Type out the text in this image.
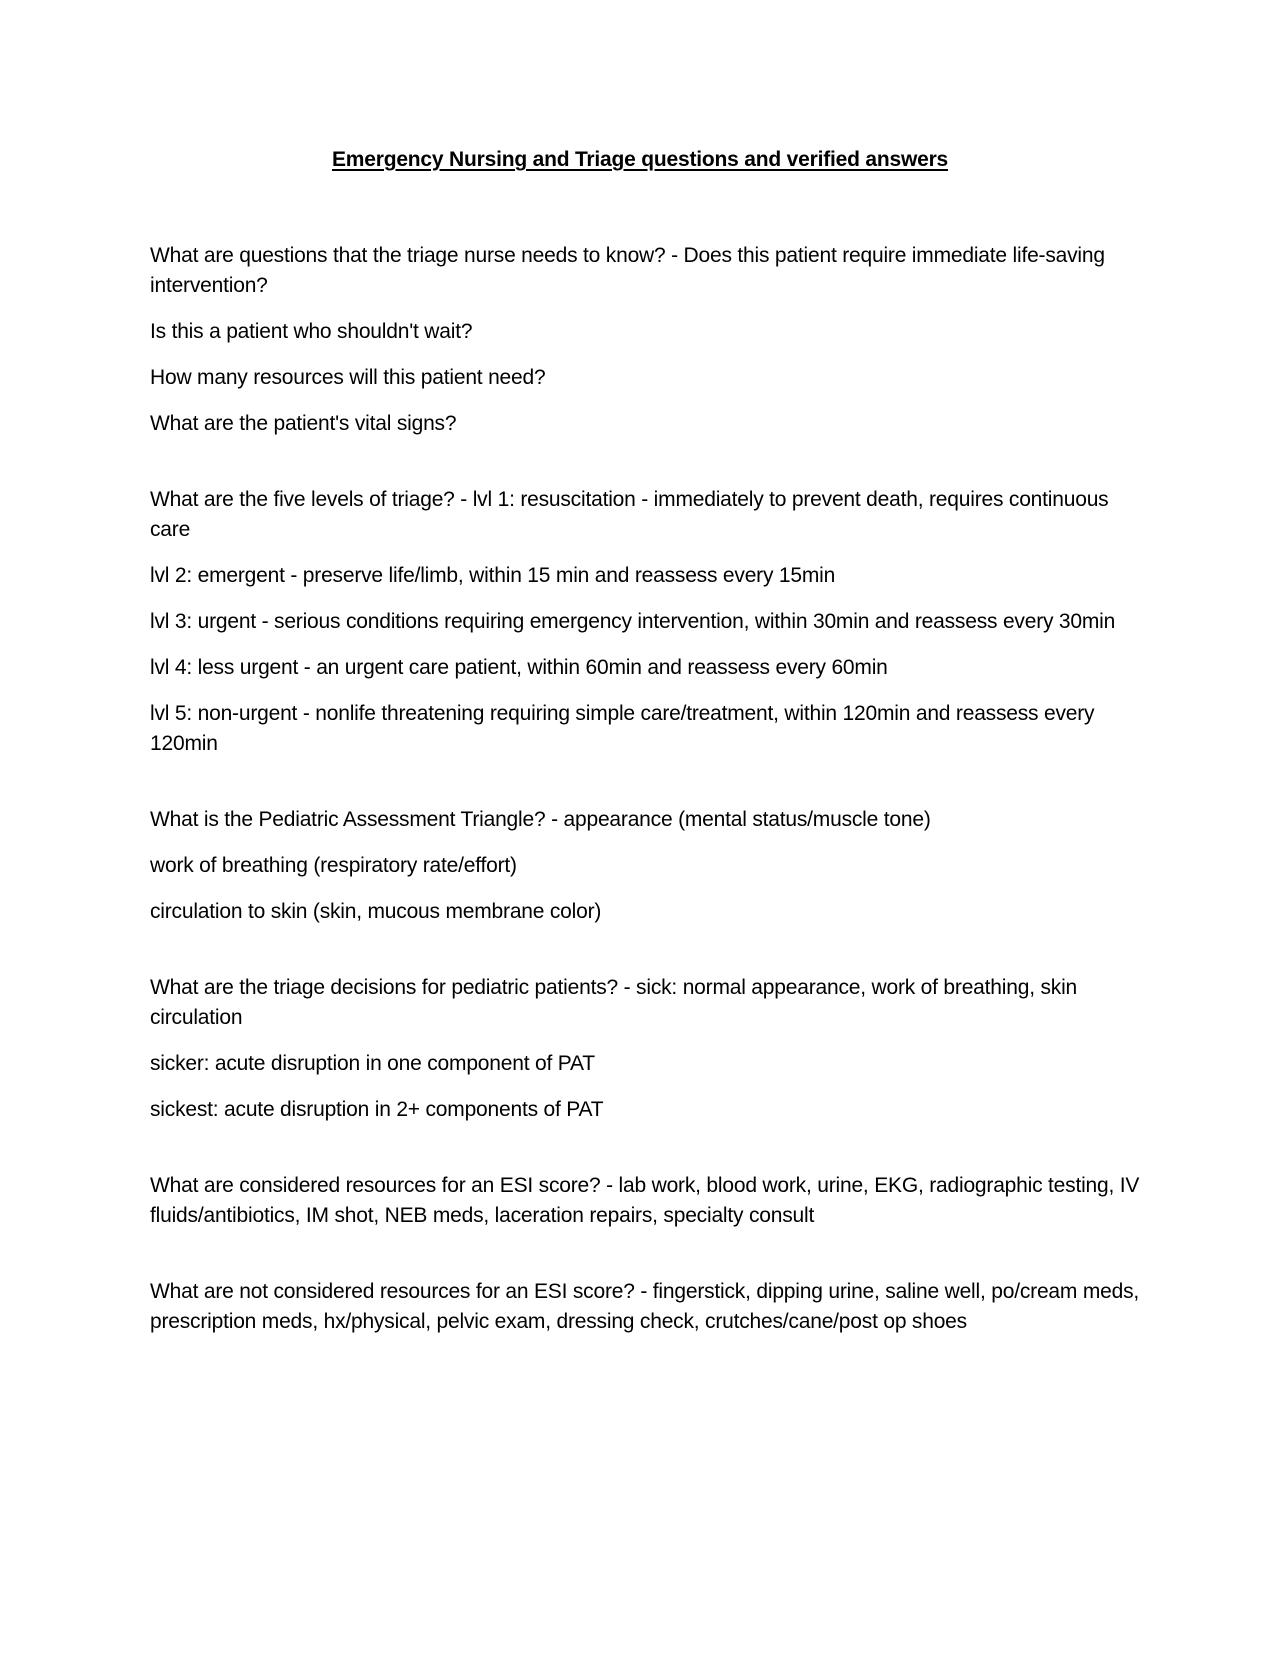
Emergency Nursing and Triage questions and verified answers

What are questions that the triage nurse needs to know? - Does this patient require immediate life-saving intervention?

Is this a patient who shouldn't wait?

How many resources will this patient need?

What are the patient's vital signs?

What are the five levels of triage? - lvl 1: resuscitation - immediately to prevent death, requires continuous care

lvl 2: emergent - preserve life/limb, within 15 min and reassess every 15min

lvl 3: urgent - serious conditions requiring emergency intervention, within 30min and reassess every 30min

lvl 4: less urgent - an urgent care patient, within 60min and reassess every 60min

lvl 5: non-urgent - nonlife threatening requiring simple care/treatment, within 120min and reassess every 120min

What is the Pediatric Assessment Triangle? - appearance (mental status/muscle tone)

work of breathing (respiratory rate/effort)

circulation to skin (skin, mucous membrane color)

What are the triage decisions for pediatric patients? - sick: normal appearance, work of breathing, skin circulation

sicker: acute disruption in one component of PAT

sickest: acute disruption in 2+ components of PAT

What are considered resources for an ESI score? - lab work, blood work, urine, EKG, radiographic testing, IV fluids/antibiotics, IM shot, NEB meds, laceration repairs, specialty consult

What are not considered resources for an ESI score? - fingerstick, dipping urine, saline well, po/cream meds, prescription meds, hx/physical, pelvic exam, dressing check, crutches/cane/post op shoes
